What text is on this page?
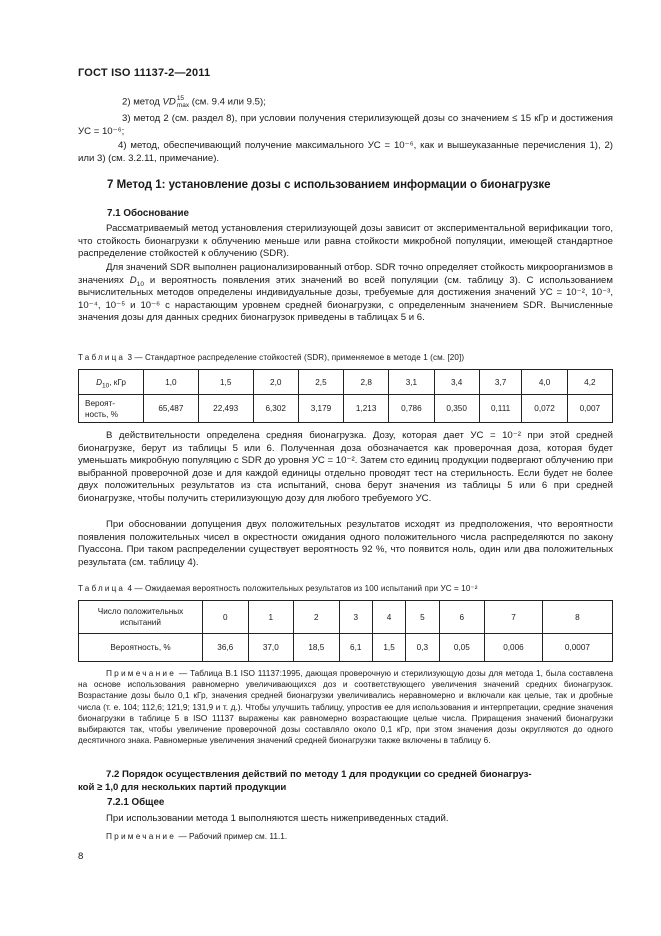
ГОСТ ISO 11137-2—2011

2) метод VD15
max (см. 9.4 или 9.5);

3) метод 2 (см. раздел 8), при условии получения стерилизующей дозы со значением ≤ 15 кГр и достижения УС = 10⁻⁶;

4) метод, обеспечивающий получение максимального УС = 10⁻⁶, как и вышеуказанные перечисления 1), 2) или 3) (см. 3.2.11, примечание).

7 Метод 1: установление дозы с использованием информации о бионагрузке

7.1 Обоснование

Рассматриваемый метод установления стерилизующей дозы зависит от экспериментальной верификации того, что стойкость бионагрузки к облучению меньше или равна стойкости микробной популяции, имеющей стандартное распределение стойкостей к облучению (SDR).

Для значений SDR выполнен рационализированный отбор. SDR точно определяет стойкость микроорганизмов в значениях $D_{10}$ и вероятность появления этих значений во всей популяции (см. таблицу 3). С использованием вычислительных методов определены индивидуальные дозы, требуемые для достижения значений УС = 10⁻², 10⁻³, 10⁻⁴, 10⁻⁵ и 10⁻⁶ с нарастающим уровнем средней бионагрузки, с определенным значением SDR. Вычисленные значения дозы для данных средних бионагрузок приведены в таблицах 5 и 6.

Таблица 3 — Стандартное распределение стойкостей (SDR), применяемое в методе 1 (см. [20])

$D_{10}$, кГр	1,0	1,5	2,0	2,5	2,8	3,1	3,4	3,7	4,0	4,2
Вероят-
ность, %	65,487	22,493	6,302	3,179	1,213	0,786	0,350	0,111	0,072	0,007

В действительности определена средняя бионагрузка. Дозу, которая дает УС = 10⁻² при этой средней бионагрузке, берут из таблицы 5 или 6. Полученная доза обозначается как проверочная доза, которая будет уменьшать микробную популяцию с SDR до уровня УС = 10⁻². Затем сто единиц продукции подвергают облучению при выбранной проверочной дозе и для каждой единицы отдельно проводят тест на стерильность. Если будет не более двух положительных результатов из ста испытаний, снова берут значения из таблицы 5 или 6 при средней бионагрузке, чтобы получить стерилизующую дозу для любого требуемого УС.

При обосновании допущения двух положительных результатов исходят из предположения, что вероятности появления положительных чисел в окрестности ожидания одного положительного числа распределяются по закону Пуассона. При таком распределении существует вероятность 92 %, что появится ноль, один или два положительных результата (см. таблицу 4).

Таблица 4 — Ожидаемая вероятность положительных результатов из 100 испытаний при УС = 10⁻²

Число положительных
испытаний	0	1	2	3	4	5	6	7	8
Вероятность, %	36,6	37,0	18,5	6,1	1,5	0,3	0,05	0,006	0,0007

Примечание — Таблица B.1 ISO 11137:1995, дающая проверочную и стерилизующую дозы для метода 1, была составлена на основе использования равномерно увеличивающихся доз и соответствующего увеличения значений средних бионагрузок. Возрастание дозы было 0,1 кГр, значения средней бионагрузки увеличивались неравномерно и включали как целые, так и дробные числа (т. е. 104; 112,6; 121,9; 131,9 и т. д.). Чтобы улучшить таблицу, упростив ее для использования и интерпретации, средние значения бионагрузки в таблице 5 в ISO 11137 выражены как равномерно возрастающие целые числа. Приращения значений бионагрузки выбираются так, чтобы увеличение проверочной дозы составляло около 0,1 кГр, при этом значения дозы округляются до одного десятичного знака. Равномерные увеличения значений средней бионагрузки также включены в таблицу 6.

7.2 Порядок осуществления действий по методу 1 для продукции со средней бионагруз-
кой ≥ 1,0 для нескольких партий продукции

7.2.1 Общее

При использовании метода 1 выполняются шесть нижеприведенных стадий.

Примечание — Рабочий пример см. 11.1.

8
